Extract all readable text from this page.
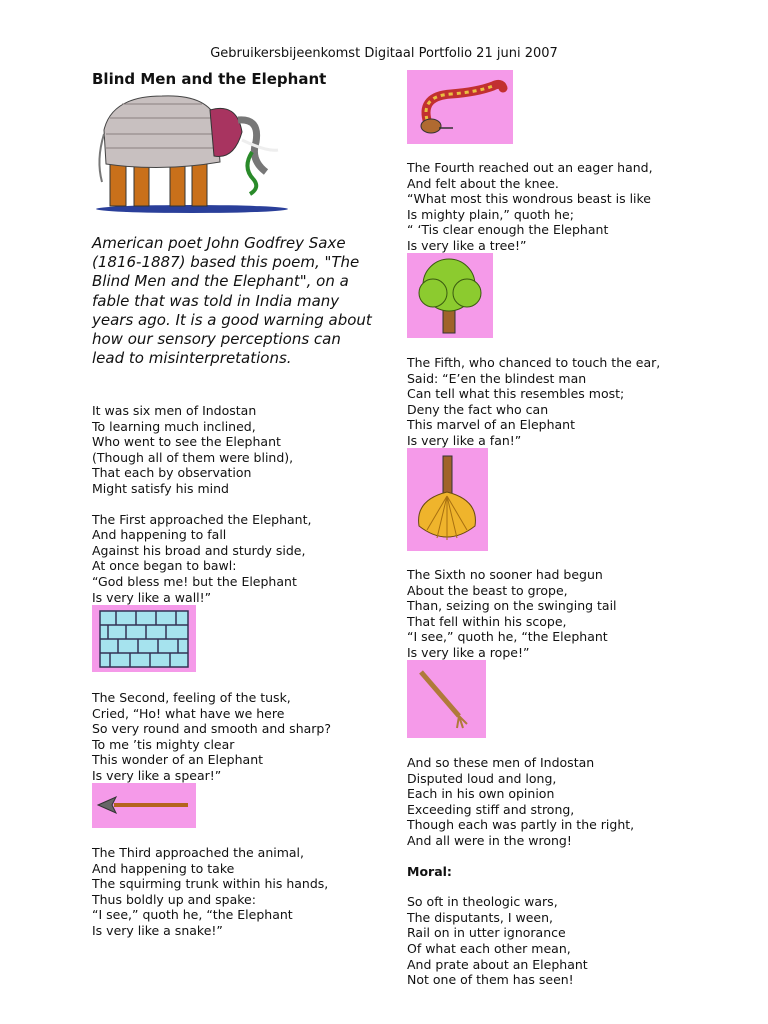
Gebruikersbijeenkomst Digitaal Portfolio 21 juni 2007
Blind Men and the Elephant

American poet John Godfrey Saxe (1816-1887) based this poem, "The Blind Men and the Elephant", on a fable that was told in India many years ago. It is a good warning about how our sensory perceptions can lead to misinterpretations.

It was six men of Indostan
To learning much inclined,
Who went to see the Elephant
(Though all of them were blind),
That each by observation
Might satisfy his mind

The First approached the Elephant,
And happening to fall
Against his broad and sturdy side,
At once began to bawl:
“God bless me! but the Elephant
Is very like a wall!”

The Second, feeling of the tusk,
Cried, “Ho! what have we here
So very round and smooth and sharp?
To me ’tis mighty clear
This wonder of an Elephant
Is very like a spear!”

The Third approached the animal,
And happening to take
The squirming trunk within his hands,
Thus boldly up and spake:
“I see,” quoth he, “the Elephant
Is very like a snake!”

The Fourth reached out an eager hand,
And felt about the knee.
“What most this wondrous beast is like
Is mighty plain,” quoth he;
“ ‘Tis clear enough the Elephant
Is very like a tree!”

The Fifth, who chanced to touch the ear,
Said: “E’en the blindest man
Can tell what this resembles most;
Deny the fact who can
This marvel of an Elephant
Is very like a fan!”

The Sixth no sooner had begun
About the beast to grope,
Than, seizing on the swinging tail
That fell within his scope,
“I see,” quoth he, “the Elephant
Is very like a rope!”

And so these men of Indostan
Disputed loud and long,
Each in his own opinion
Exceeding stiff and strong,
Though each was partly in the right,
And all were in the wrong!

Moral:

So oft in theologic wars,
The disputants, I ween,
Rail on in utter ignorance
Of what each other mean,
And prate about an Elephant
Not one of them has seen!
